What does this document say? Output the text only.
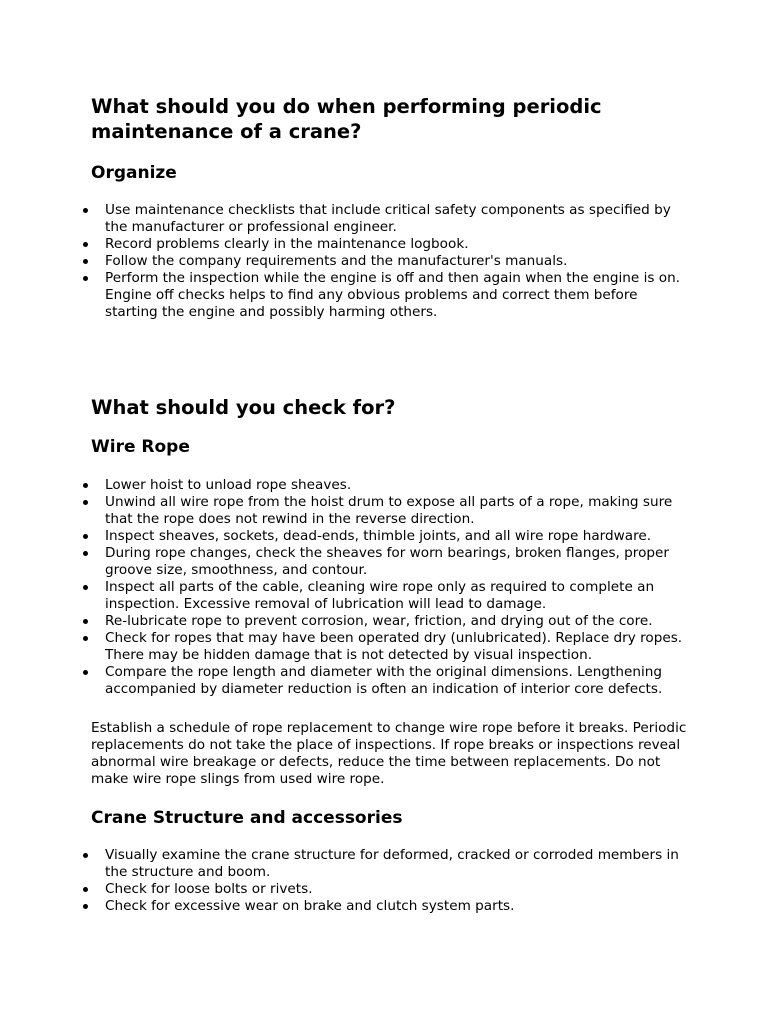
What should you do when performing periodic maintenance of a crane?
Organize
Use maintenance checklists that include critical safety components as specified by the manufacturer or professional engineer.
Record problems clearly in the maintenance logbook.
Follow the company requirements and the manufacturer's manuals.
Perform the inspection while the engine is off and then again when the engine is on. Engine off checks helps to find any obvious problems and correct them before starting the engine and possibly harming others.
What should you check for?
Wire Rope
Lower hoist to unload rope sheaves.
Unwind all wire rope from the hoist drum to expose all parts of a rope, making sure that the rope does not rewind in the reverse direction.
Inspect sheaves, sockets, dead-ends, thimble joints, and all wire rope hardware.
During rope changes, check the sheaves for worn bearings, broken flanges, proper groove size, smoothness, and contour.
Inspect all parts of the cable, cleaning wire rope only as required to complete an inspection. Excessive removal of lubrication will lead to damage.
Re-lubricate rope to prevent corrosion, wear, friction, and drying out of the core.
Check for ropes that may have been operated dry (unlubricated). Replace dry ropes. There may be hidden damage that is not detected by visual inspection.
Compare the rope length and diameter with the original dimensions. Lengthening accompanied by diameter reduction is often an indication of interior core defects.

Establish a schedule of rope replacement to change wire rope before it breaks. Periodic replacements do not take the place of inspections. If rope breaks or inspections reveal abnormal wire breakage or defects, reduce the time between replacements. Do not make wire rope slings from used wire rope.

Crane Structure and accessories
Visually examine the crane structure for deformed, cracked or corroded members in the structure and boom.
Check for loose bolts or rivets.
Check for excessive wear on brake and clutch system parts.
